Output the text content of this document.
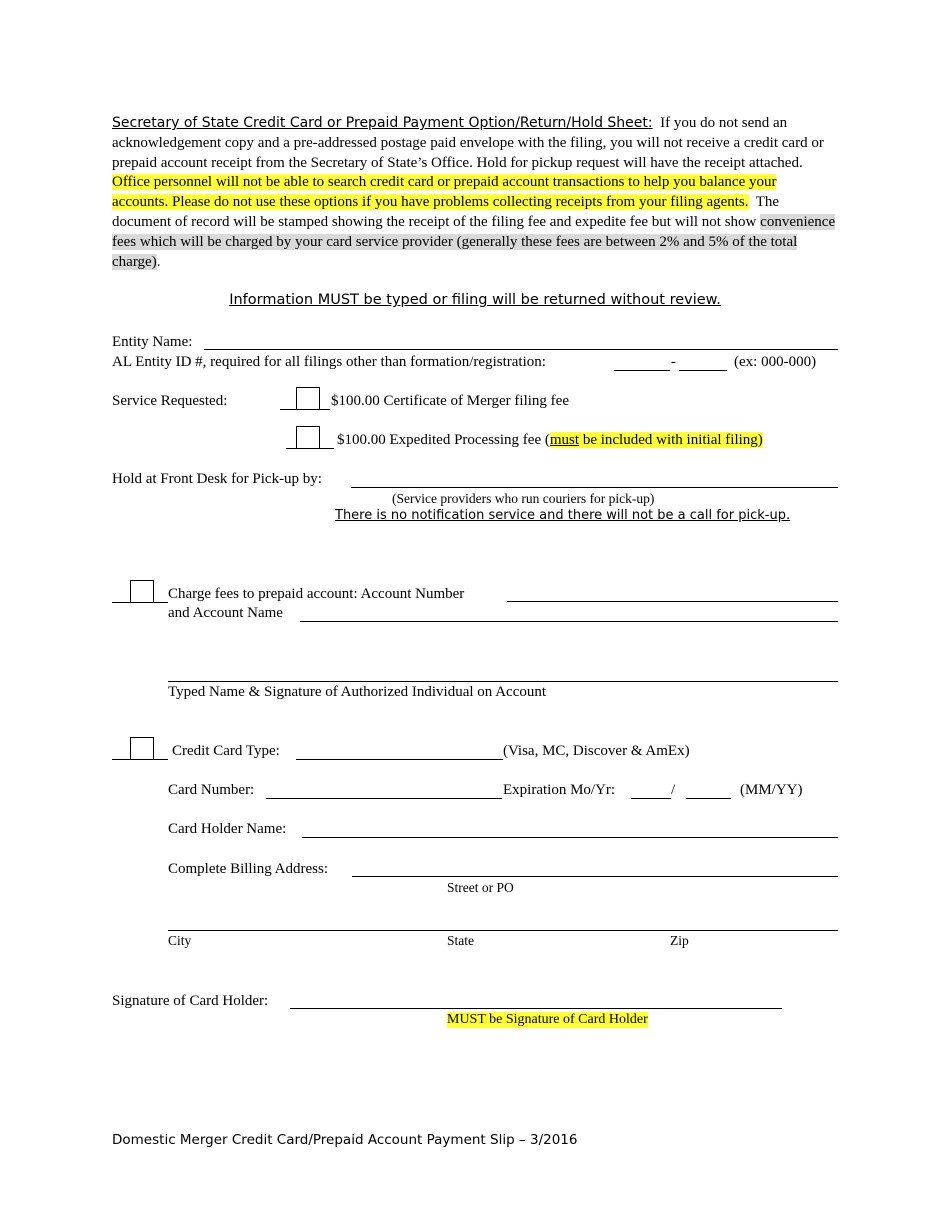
Secretary of State Credit Card or Prepaid Payment Option/Return/Hold Sheet: If you do not send an acknowledgement copy and a pre-addressed postage paid envelope with the filing, you will not receive a credit card or prepaid account receipt from the Secretary of State’s Office. Hold for pickup request will have the receipt attached.  Office personnel will not be able to search credit card or prepaid account transactions to help you balance your accounts. Please do not use these options if you have problems collecting receipts from your filing agents. The document of record will be stamped showing the receipt of the filing fee and expedite fee but will not show convenience fees which will be charged by your card service provider (generally these fees are between 2% and 5% of the total charge).
Information MUST be typed or filing will be returned without review.
Entity Name:
AL Entity ID #, required for all filings other than formation/registration:	-	(ex: 000-000)
Service Requested:	$100.00 Certificate of Merger filing fee
$100.00 Expedited Processing fee (must be included with initial filing)
Hold at Front Desk for Pick-up by:
(Service providers who run couriers for pick-up)
There is no notification service and there will not be a call for pick-up.
Charge fees to prepaid account: Account Number
and Account Name
Typed Name & Signature of Authorized Individual on Account
Credit Card Type:	(Visa, MC, Discover & AmEx)
Card Number:	Expiration Mo/Yr:	/	(MM/YY)
Card Holder Name:
Complete Billing Address:
Street or PO
City	State	Zip
Signature of Card Holder:
MUST be Signature of Card Holder
Domestic Merger Credit Card/Prepaid Account Payment Slip – 3/2016
